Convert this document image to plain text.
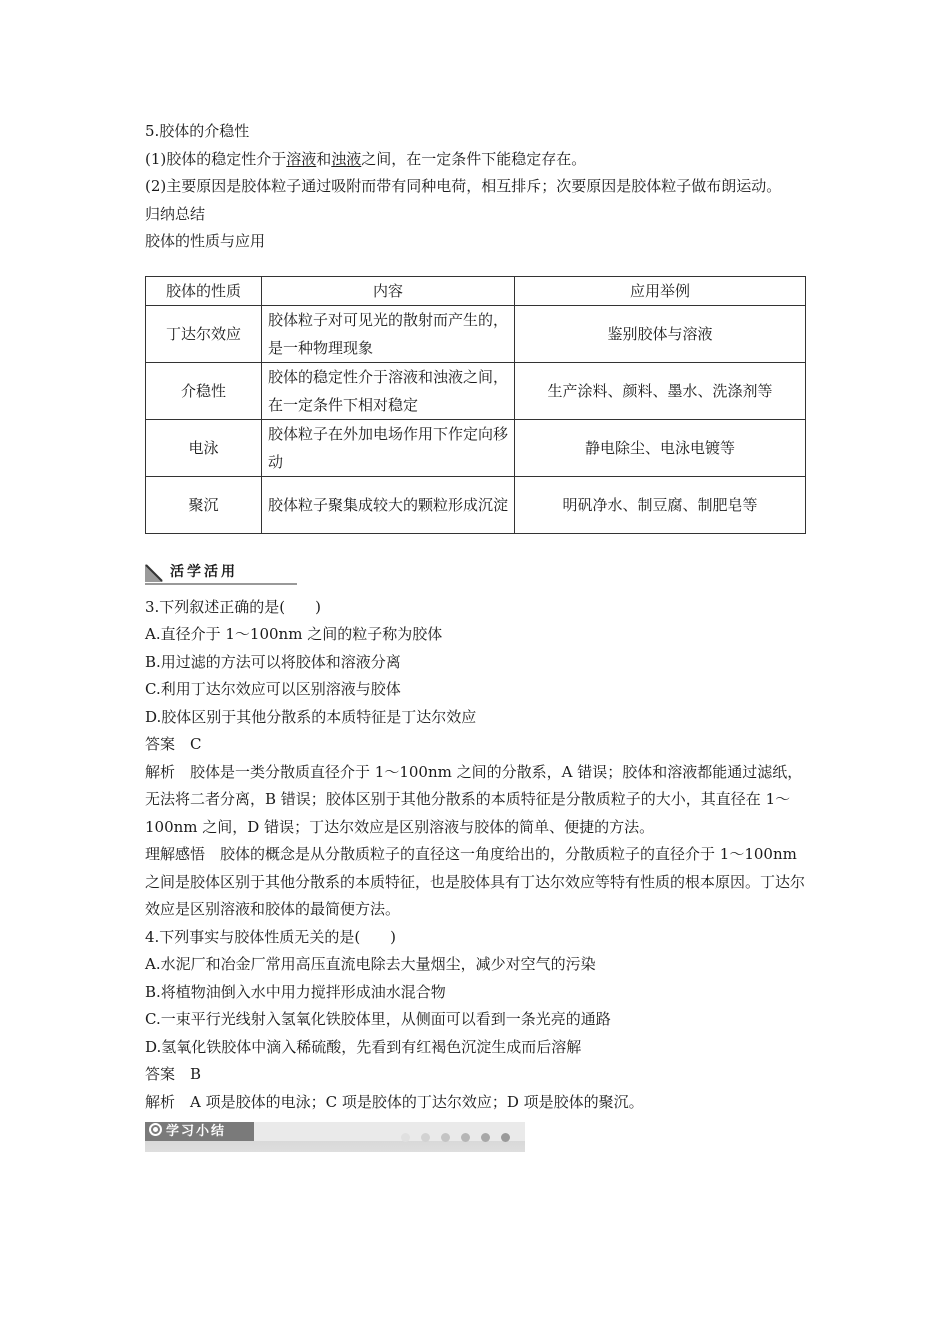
5.胶体的介稳性
(1)胶体的稳定性介于溶液和浊液之间，在一定条件下能稳定存在。
(2)主要原因是胶体粒子通过吸附而带有同种电荷，相互排斥；次要原因是胶体粒子做布朗运动。
归纳总结
胶体的性质与应用
胶体的性质	内容	应用举例
丁达尔效应	胶体粒子对可见光的散射而产生的，是一种物理现象	鉴别胶体与溶液
介稳性	胶体的稳定性介于溶液和浊液之间，在一定条件下相对稳定	生产涂料、颜料、墨水、洗涤剂等
电泳	胶体粒子在外加电场作用下作定向移动	静电除尘、电泳电镀等
聚沉	胶体粒子聚集成较大的颗粒形成沉淀	明矾净水、制豆腐、制肥皂等
活学活用
3.下列叙述正确的是(　　)
A.直径介于 1～100nm 之间的粒子称为胶体
B.用过滤的方法可以将胶体和溶液分离
C.利用丁达尔效应可以区别溶液与胶体
D.胶体区别于其他分散系的本质特征是丁达尔效应
答案　C
解析　胶体是一类分散质直径介于 1～100nm 之间的分散系，A 错误；胶体和溶液都能通过滤纸，无法将二者分离，B 错误；胶体区别于其他分散系的本质特征是分散质粒子的大小，其直径在 1～100nm 之间，D 错误；丁达尔效应是区别溶液与胶体的简单、便捷的方法。
理解感悟　胶体的概念是从分散质粒子的直径这一角度给出的，分散质粒子的直径介于 1～100nm 之间是胶体区别于其他分散系的本质特征，也是胶体具有丁达尔效应等特有性质的根本原因。丁达尔效应是区别溶液和胶体的最简便方法。
4.下列事实与胶体性质无关的是(　　)
A.水泥厂和冶金厂常用高压直流电除去大量烟尘，减少对空气的污染
B.将植物油倒入水中用力搅拌形成油水混合物
C.一束平行光线射入氢氧化铁胶体里，从侧面可以看到一条光亮的通路
D.氢氧化铁胶体中滴入稀硫酸，先看到有红褐色沉淀生成而后溶解
答案　B
解析　A 项是胶体的电泳；C 项是胶体的丁达尔效应；D 项是胶体的聚沉。
学习小结
